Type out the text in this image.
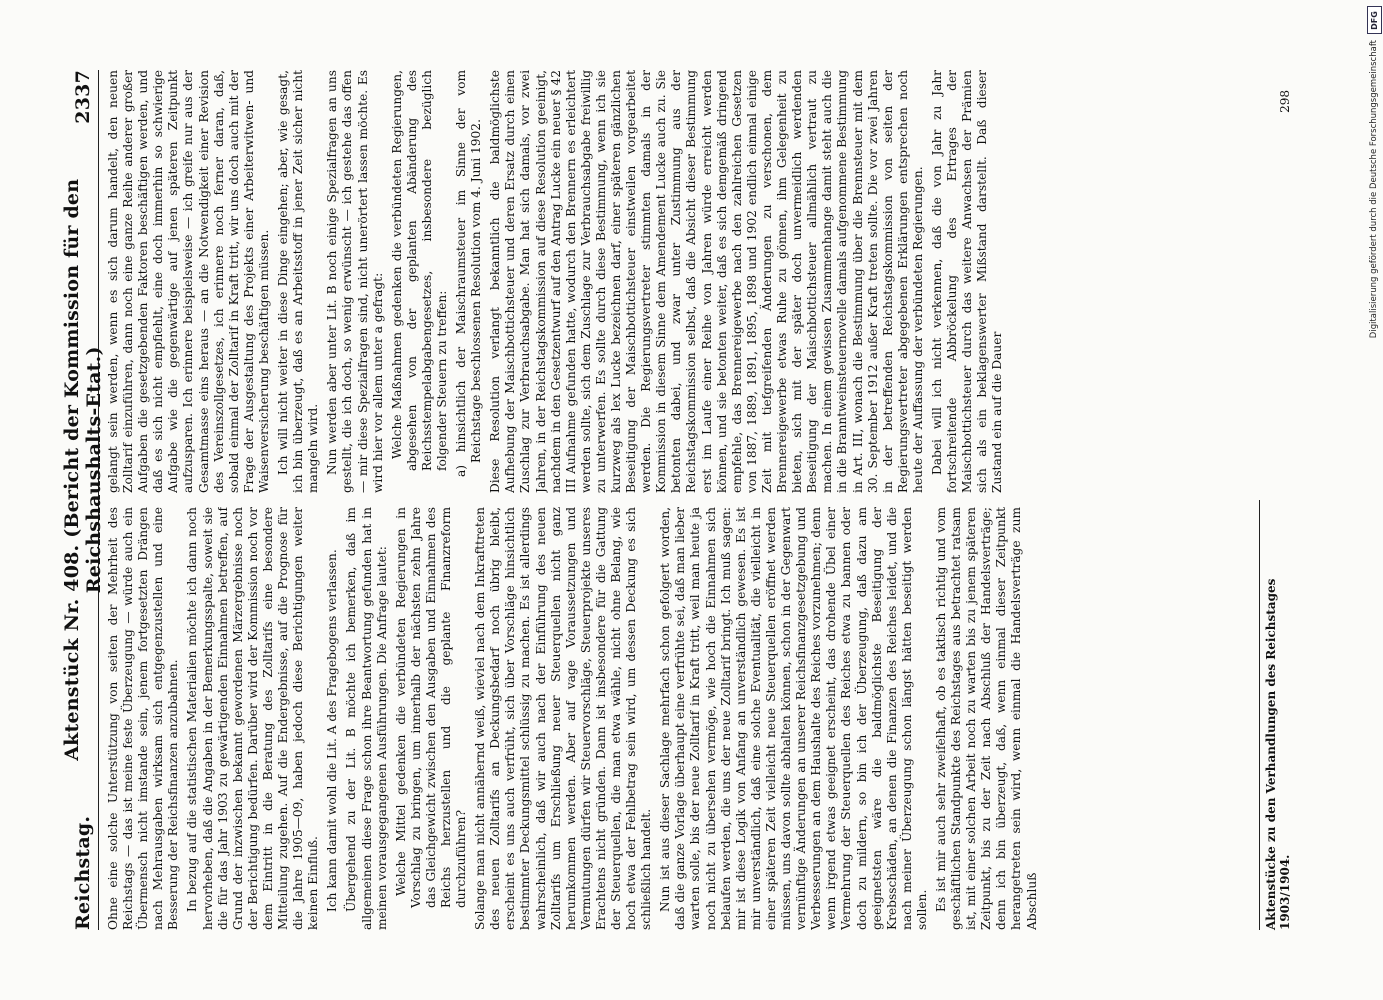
Reichstag.
Aktenstück Nr. 408. (Bericht der Kommission für den Reichshaushalts-Etat.)
2337

Ohne eine solche Unterstützung von seiten der Mehrheit des Reichstags — das ist meine feste Überzeugung — würde auch ein Übermensch nicht imstande sein, jenem fortgesetzten Drängen nach Mehrausgaben wirksam sich entgegenzustellen und eine Besserung der Reichsfinanzen anzubahnen. In bezug auf die statistischen Materialien möchte ich dann noch hervorheben, daß die Angaben in der Bemerkungsspalte, soweit sie die für das Jahr 1903 zu gewärtigenden Einnahmen betreffen, auf Grund der inzwischen bekannt gewordenen Märzergebnisse noch der Berichtigung bedürfen. Darüber wird der Kommission noch vor dem Eintritt in die Beratung des Zolltarifs eine besondere Mitteilung zugehen. Auf die Endergebnisse, auf die Prognose für die Jahre 1905—09, haben jedoch diese Berichtigungen weiter keinen Einfluß. Ich kann damit wohl die Lit. A des Fragebogens verlassen. Übergehend zu der Lit. B möchte ich bemerken, daß im allgemeinen diese Frage schon ihre Beantwortung gefunden hat in meinen vorausgegangenen Ausführungen. Die Anfrage lautet: Welche Mittel gedenken die verbündeten Regierungen in Vorschlag zu bringen, um innerhalb der nächsten zehn Jahre das Gleichgewicht zwischen den Ausgaben und Einnahmen des Reichs herzustellen und die geplante Finanzreform durchzuführen? Solange man nicht annähernd weiß, wieviel nach dem Inkrafttreten des neuen Zolltarifs an Deckungsbedarf noch übrig bleibt, erscheint es uns auch verfrüht, sich über Vorschläge hinsichtlich bestimmter Deckungsmittel schlüssig zu machen. Es ist allerdings wahrscheinlich, daß wir auch nach der Einführung des neuen Zolltarifs um Erschließung neuer Steuerquellen nicht ganz herumkommen werden. Aber auf vage Voraussetzungen und Vermutungen dürfen wir Steuervorschläge, Steuerprojekte unseres Erachtens nicht gründen. Dann ist insbesondere für die Gattung der Steuerquellen, die man etwa wähle, nicht ohne Belang, wie hoch etwa der Fehlbetrag sein wird, um dessen Deckung es sich schließlich handelt. Nun ist aus dieser Sachlage mehrfach schon gefolgert worden, daß die ganze Vorlage überhaupt eine verfrühte sei, daß man lieber warten solle, bis der neue Zolltarif in Kraft tritt, weil man heute ja noch nicht zu übersehen vermöge, wie hoch die Einnahmen sich belaufen werden, die uns der neue Zolltarif bringt. Ich muß sagen: mir ist diese Logik von Anfang an unverständlich gewesen. Es ist mir unverständlich, daß eine solche Eventualität, die vielleicht in einer späteren Zeit vielleicht neue Steuerquellen eröffnet werden müssen, uns davon sollte abhalten können, schon in der Gegenwart vernünftige Änderungen an unserer Reichsfinanzgesetzgebung und Verbesserungen an dem Haushalte des Reiches vorzunehmen; denn wenn irgend etwas geeignet erscheint, das drohende Übel einer Vermehrung der Steuerquellen des Reiches etwa zu bannen oder doch zu mildern, so bin ich der Überzeugung, daß dazu am geeignetsten wäre die baldmöglichste Beseitigung der Krebsschäden, an denen die Finanzen des Reiches leidet, und die nach meiner Überzeugung schon längst hätten beseitigt werden sollen. Es ist mir auch sehr zweifelhaft, ob es taktisch richtig und vom geschäftlichen Standpunkte des Reichstages aus betrachtet ratsam ist, mit einer solchen Arbeit noch zu warten bis zu jenem späteren Zeitpunkt, bis zu der Zeit nach Abschluß der Handelsverträge; denn ich bin überzeugt, daß, wenn einmal dieser Zeitpunkt herangetreten sein wird, wenn einmal die Handelsverträge zum Abschluß

gelangt sein werden, wenn es sich darum handelt, den neuen Zolltarif einzuführen, dann noch eine ganze Reihe anderer großer Aufgaben die gesetzgebenden Faktoren beschäftigen werden, und daß es sich nicht empfiehlt, eine doch immerhin so schwierige Aufgabe wie die gegenwärtige auf jenen späteren Zeitpunkt aufzusparen. Ich erinnere beispielsweise — ich greife nur aus der Gesamtmasse eins heraus — an die Notwendigkeit einer Revision des Vereinszollgesetzes, ich erinnere noch ferner daran, daß, sobald einmal der Zolltarif in Kraft tritt, wir uns doch auch mit der Frage der Ausgestaltung des Projekts einer Arbeiterwitwen- und Waisenversicherung beschäftigen müssen. Ich will nicht weiter in diese Dinge eingehen; aber, wie gesagt, ich bin überzeugt, daß es an Arbeitsstoff in jener Zeit sicher nicht mangeln wird. Nun werden aber unter Lit. B noch einige Spezialfragen an uns gestellt, die ich doch, so wenig erwünscht — ich gestehe das offen — mir diese Spezialfragen sind, nicht unerörtert lassen möchte. Es wird hier vor allem unter a gefragt: Welche Maßnahmen gedenken die verbündeten Regierungen, abgesehen von der geplanten Abänderung des Reichsstempelabgabengesetzes, insbesondere bezüglich folgender Steuern zu treffen: a) hinsichtlich der Maischraumsteuer im Sinne der vom Reichstage beschlossenen Resolution vom 4. Juni 1902. Diese Resolution verlangt bekanntlich die baldmöglichste Aufhebung der Maischbottichsteuer und deren Ersatz durch einen Zuschlag zur Verbrauchsabgabe. Man hat sich damals, vor zwei Jahren, in der Reichstagskommission auf diese Resolution geeinigt, nachdem in den Gesetzentwurf auf den Antrag Lucke ein neuer § 42 III Aufnahme gefunden hatte, wodurch den Brennern es erleichtert werden sollte, sich dem Zuschlage zur Verbrauchsabgabe freiwillig zu unterwerfen. Es sollte durch diese Bestimmung, wenn ich sie kurzweg als lex Lucke bezeichnen darf, einer späteren gänzlichen Beseitigung der Maischbottichsteuer einstweilen vorgearbeitet werden. Die Regierungsvertreter stimmten damals in der Kommission in diesem Sinne dem Amendement Lucke auch zu. Sie betonten dabei, und zwar unter Zustimmung aus der Reichstagskommission selbst, daß die Absicht dieser Bestimmung erst im Laufe einer Reihe von Jahren würde erreicht werden können, und sie betonten weiter, daß es sich demgemäß dringend empfehle, das Brennereigewerbe nach den zahlreichen Gesetzen von 1887, 1889, 1891, 1895, 1898 und 1902 endlich einmal einige Zeit mit tiefgreifenden Änderungen zu verschonen, dem Brennereigewerbe etwas Ruhe zu gönnen, ihm Gelegenheit zu bieten, sich mit der später doch unvermeidlich werdenden Beseitigung der Maischbottichsteuer allmählich vertraut zu machen. In einem gewissen Zusammenhange damit steht auch die in die Branntweinsteuernovelle damals aufgenommene Bestimmung in Art. III, wonach die Bestimmung über die Brennsteuer mit dem 30. September 1912 außer Kraft treten sollte. Die vor zwei Jahren in der betreffenden Reichstagskommission von seiten der Regierungsvertreter abgegebenen Erklärungen entsprechen noch heute der Auffassung der verbündeten Regierungen. Dabei will ich nicht verkennen, daß die von Jahr zu Jahr fortschreitende Abbröckelung des Ertrages der Maischbottichsteuer durch das weitere Anwachsen der Prämien sich als ein beklagenswerter Mißstand darstellt. Daß dieser Zustand ein auf die Dauer

Aktenstücke zu den Verhandlungen des Reichstages 1903/1904.
298
DFG
Digitalisierung gefördert durch die Deutsche Forschungsgemeinschaft
